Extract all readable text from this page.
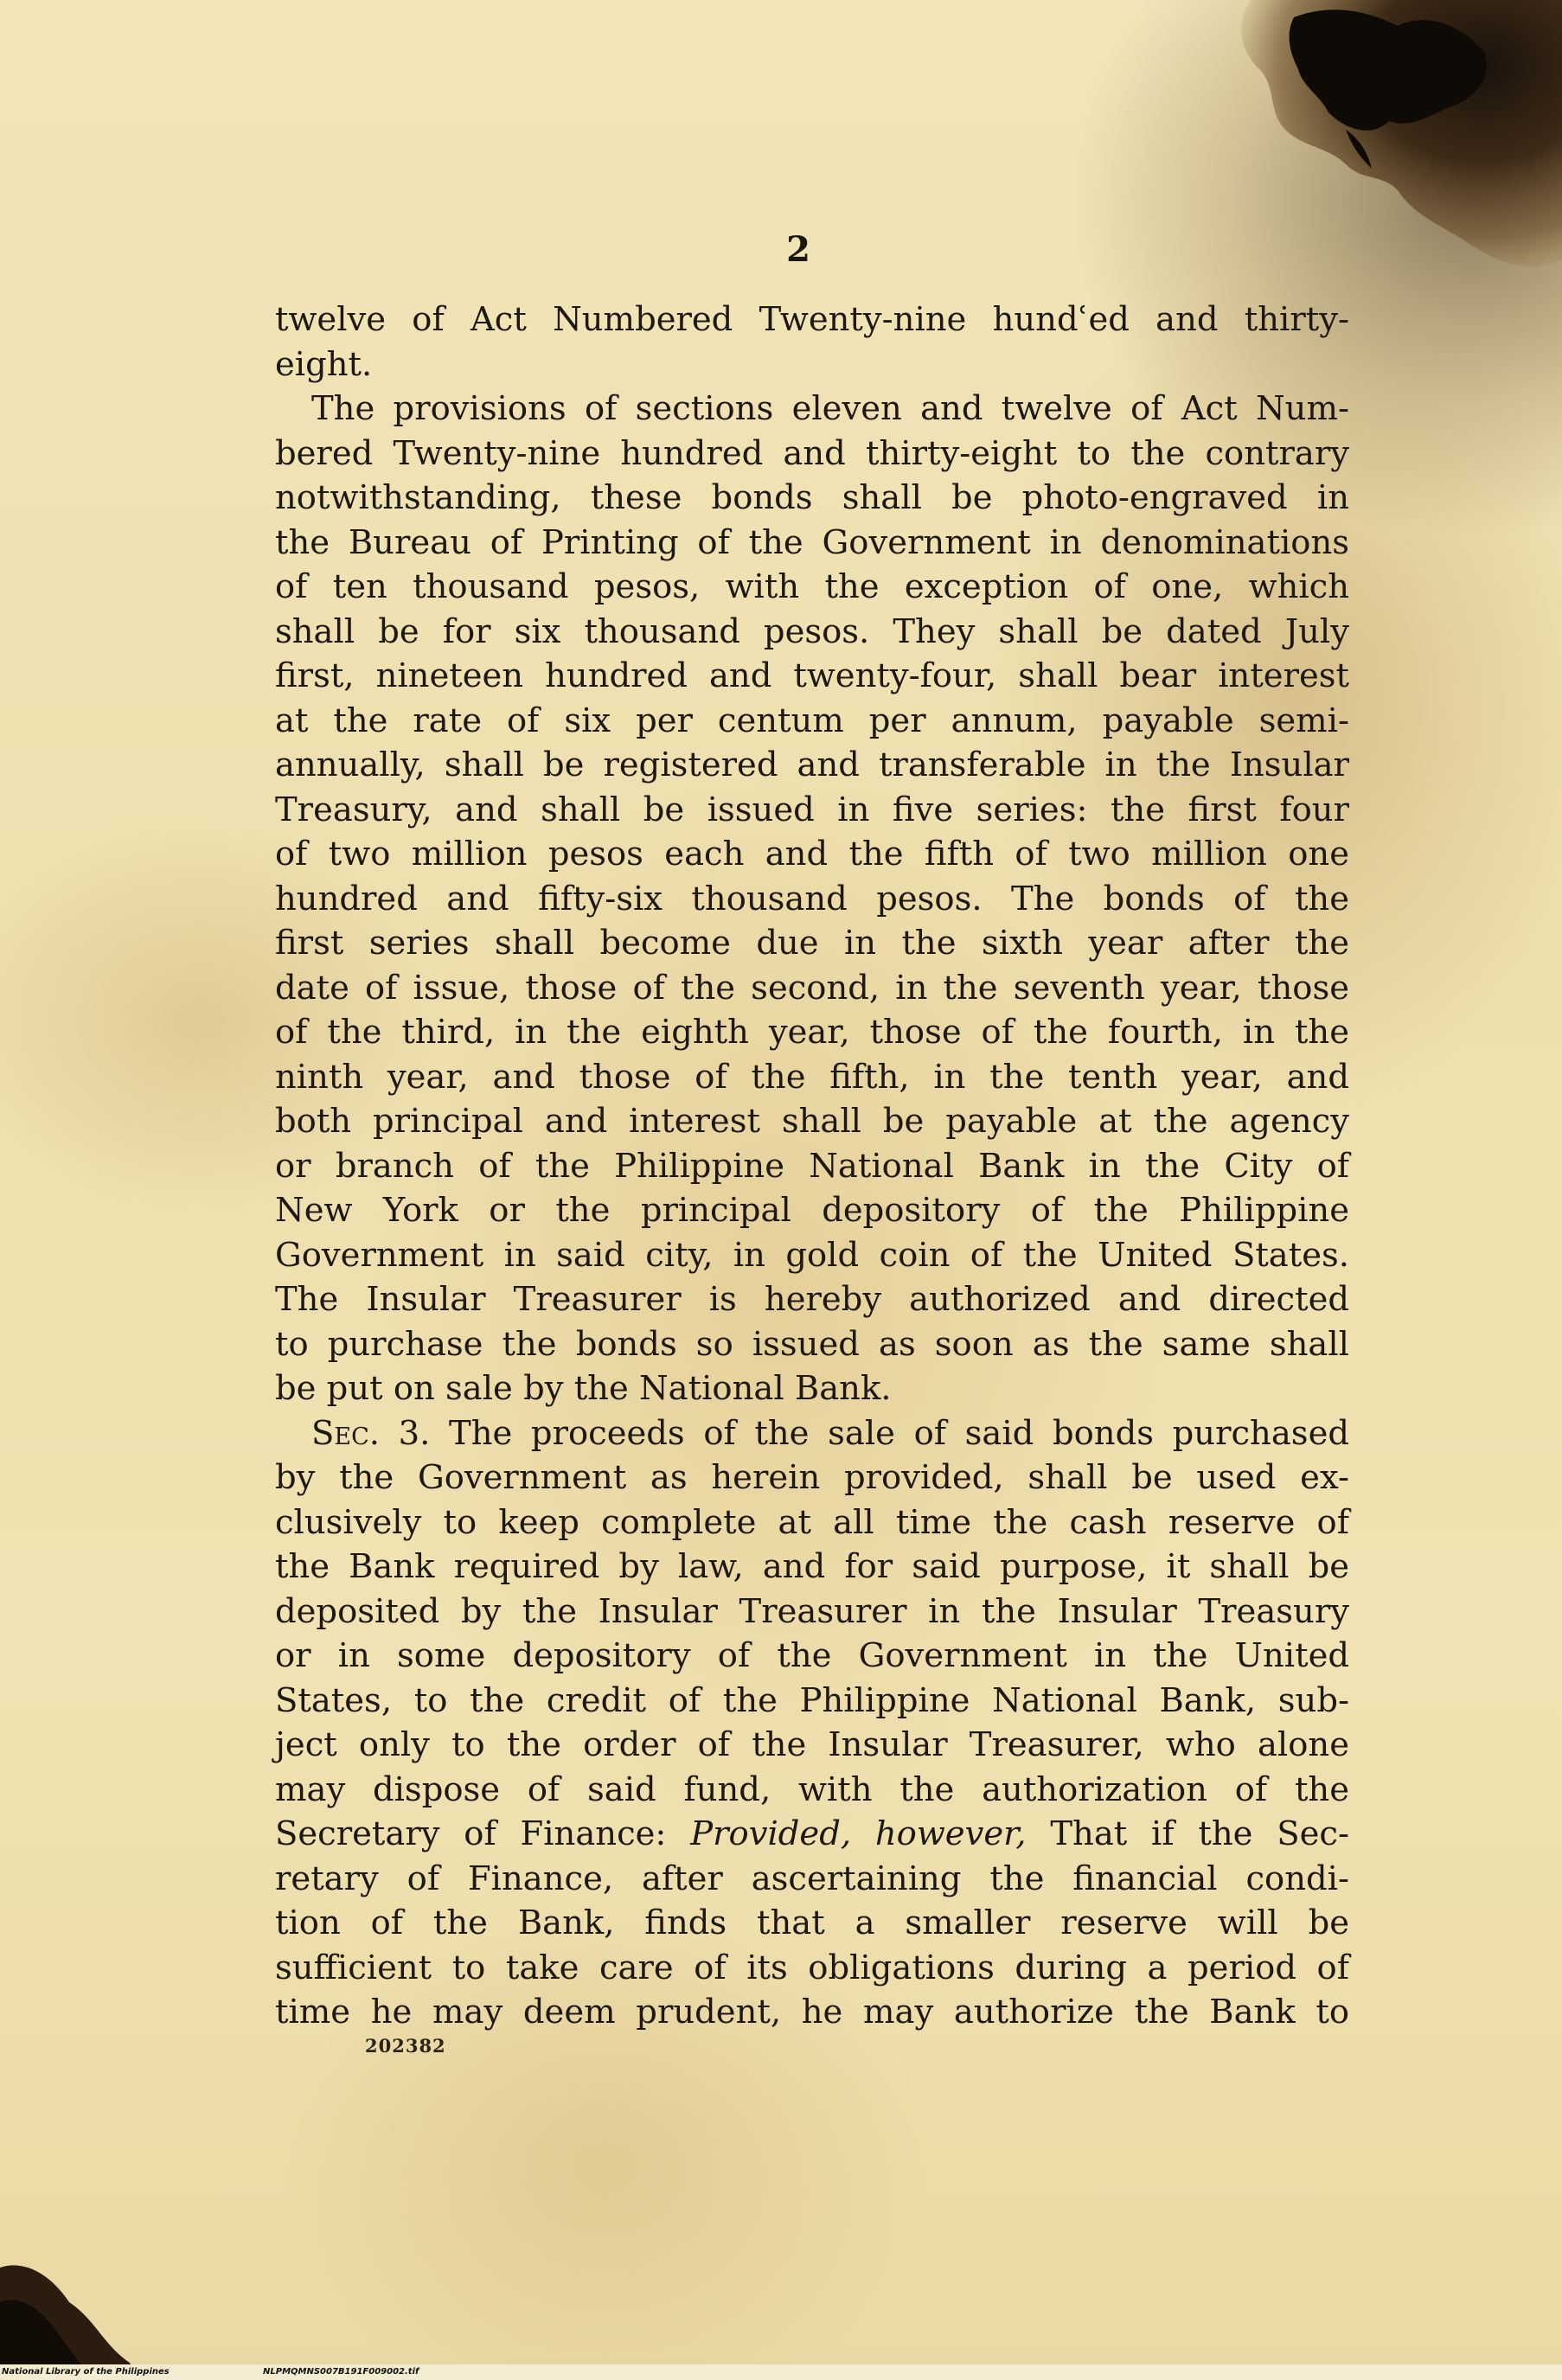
2
twelve of Act Numbered Twenty-nine hundʿed and thirty-
eight.
The provisions of sections eleven and twelve of Act Num-
bered Twenty-nine hundred and thirty-eight to the contrary
notwithstanding, these bonds shall be photo-engraved in
the Bureau of Printing of the Government in denominations
of ten thousand pesos, with the exception of one, which
shall be for six thousand pesos. They shall be dated July
first, nineteen hundred and twenty-four, shall bear interest
at the rate of six per centum per annum, payable semi-
annually, shall be registered and transferable in the Insular
Treasury, and shall be issued in five series: the first four
of two million pesos each and the fifth of two million one
hundred and fifty-six thousand pesos. The bonds of the
first series shall become due in the sixth year after the
date of issue, those of the second, in the seventh year, those
of the third, in the eighth year, those of the fourth, in the
ninth year, and those of the fifth, in the tenth year, and
both principal and interest shall be payable at the agency
or branch of the Philippine National Bank in the City of
New York or the principal depository of the Philippine
Government in said city, in gold coin of the United States.
The Insular Treasurer is hereby authorized and directed
to purchase the bonds so issued as soon as the same shall
be put on sale by the National Bank.
Sec. 3. The proceeds of the sale of said bonds purchased
by the Government as herein provided, shall be used ex-
clusively to keep complete at all time the cash reserve of
the Bank required by law, and for said purpose, it shall be
deposited by the Insular Treasurer in the Insular Treasury
or in some depository of the Government in the United
States, to the credit of the Philippine National Bank, sub-
ject only to the order of the Insular Treasurer, who alone
may dispose of said fund, with the authorization of the
Secretary of Finance: Provided, however, That if the Sec-
retary of Finance, after ascertaining the financial condi-
tion of the Bank, finds that a smaller reserve will be
sufficient to take care of its obligations during a period of
time he may deem prudent, he may authorize the Bank to
202382
National Library of the Philippines	NLPMQMNS007B191F009002.tif
